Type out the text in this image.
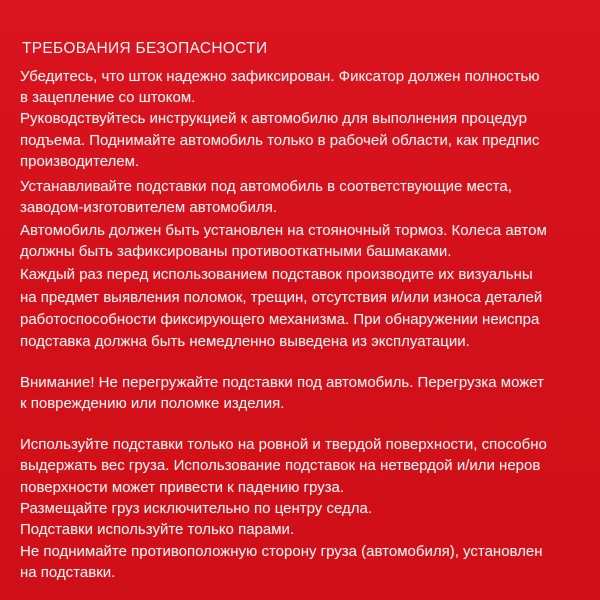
ТРЕБОВАНИЯ БЕЗОПАСНОСТИ
Убедитесь, что шток надежно зафиксирован. Фиксатор должен полностью
в зацепление со штоком.
Руководствуйтесь инструкцией к автомобилю для выполнения процедур
подъема. Поднимайте автомобиль только в рабочей области, как предпис
производителем.
Устанавливайте подставки под автомобиль в соответствующие места,
заводом-изготовителем автомобиля.
Автомобиль должен быть установлен на стояночный тормоз. Колеса автом
должны быть зафиксированы противооткатными башмаками.
Каждый раз перед использованием подставок производите их визуальны
на предмет выявления поломок, трещин, отсутствия и/или износа деталей
работоспособности фиксирующего механизма. При обнаружении неиспра
подставка должна быть немедленно выведена из эксплуатации.
Внимание! Не перегружайте подставки под автомобиль. Перегрузка может
к повреждению или поломке изделия.
Используйте подставки только на ровной и твердой поверхности, способно
выдержать вес груза. Использование подставок на нетвердой и/или неров
поверхности может привести к падению груза.
Размещайте груз исключительно по центру седла.
Подставки используйте только парами.
Не поднимайте противоположную сторону груза (автомобиля), установлен
на подставки.
